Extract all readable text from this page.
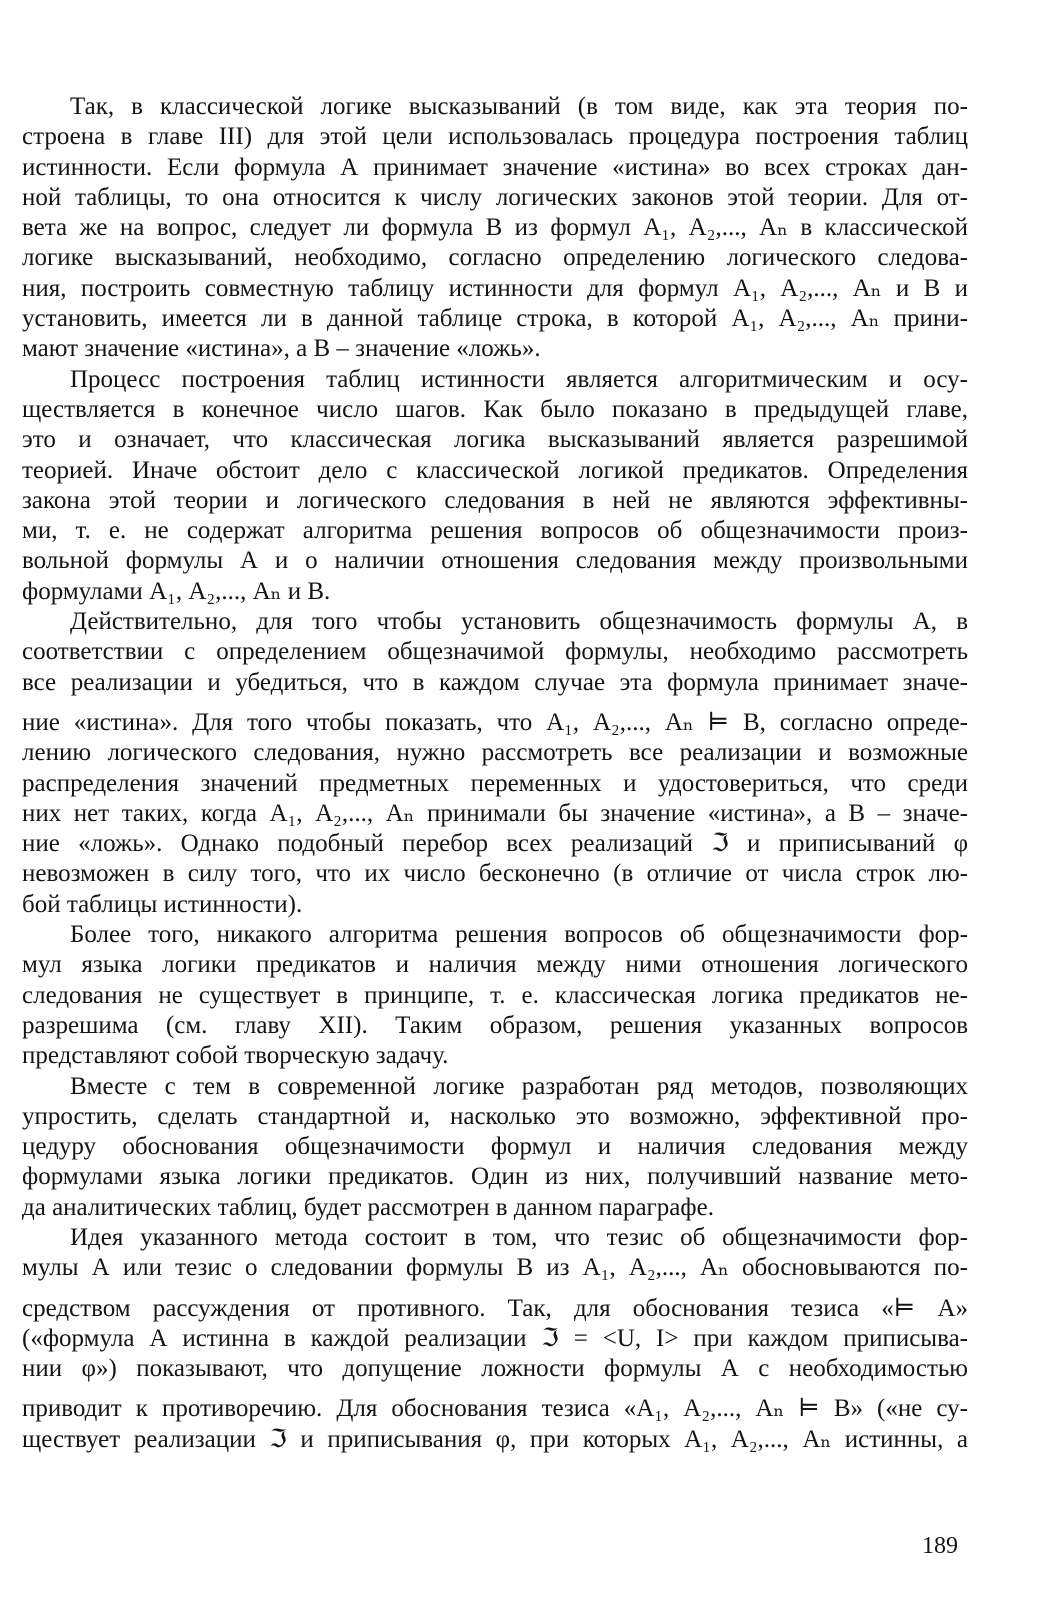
Так, в классической логике высказываний (в том виде, как эта теория по-
строена в главе III) для этой цели использовалась процедура построения таблиц
истинности. Если формула А принимает значение «истина» во всех строках дан-
ной таблицы, то она относится к числу логических законов этой теории. Для от-
вета же на вопрос, следует ли формула В из формул А₁, А₂,..., Аₙ в классической
логике высказываний, необходимо, согласно определению логического следова-
ния, построить совместную таблицу истинности для формул А₁, А₂,..., Аₙ и В и
установить, имеется ли в данной таблице строка, в которой А₁, А₂,..., Аₙ прини-
мают значение «истина», а В – значение «ложь».
Процесс построения таблиц истинности является алгоритмическим и осу-
ществляется в конечное число шагов. Как было показано в предыдущей главе,
это и означает, что классическая логика высказываний является разрешимой
теорией. Иначе обстоит дело с классической логикой предикатов. Определения
закона этой теории и логического следования в ней не являются эффективны-
ми, т. е. не содержат алгоритма решения вопросов об общезначимости произ-
вольной формулы А и о наличии отношения следования между произвольными
формулами А₁, А₂,..., Аₙ и В.
Действительно, для того чтобы установить общезначимость формулы А, в
соответствии с определением общезначимой формулы, необходимо рассмотреть
все реализации и убедиться, что в каждом случае эта формула принимает значе-
ние «истина». Для того чтобы показать, что А₁, А₂,..., Аₙ ⊨ В, согласно опреде-
лению логического следования, нужно рассмотреть все реализации и возможные
распределения значений предметных переменных и удостовериться, что среди
них нет таких, когда А₁, А₂,..., Аₙ принимали бы значение «истина», а В – значе-
ние «ложь». Однако подобный перебор всех реализаций ℑ и приписываний φ
невозможен в силу того, что их число бесконечно (в отличие от числа строк лю-
бой таблицы истинности).
Более того, никакого алгоритма решения вопросов об общезначимости фор-
мул языка логики предикатов и наличия между ними отношения логического
следования не существует в принципе, т. е. классическая логика предикатов не-
разрешима (см. главу XII). Таким образом, решения указанных вопросов
представляют собой творческую задачу.
Вместе с тем в современной логике разработан ряд методов, позволяющих
упростить, сделать стандартной и, насколько это возможно, эффективной про-
цедуру обоснования общезначимости формул и наличия следования между
формулами языка логики предикатов. Один из них, получивший название мето-
да аналитических таблиц, будет рассмотрен в данном параграфе.
Идея указанного метода состоит в том, что тезис об общезначимости фор-
мулы А или тезис о следовании формулы В из А₁, А₂,..., Аₙ обосновываются по-
средством рассуждения от противного. Так, для обоснования тезиса «⊨ А»
(«формула А истинна в каждой реализации ℑ = <U, I> при каждом приписыва-
нии φ») показывают, что допущение ложности формулы А с необходимостью
приводит к противоречию. Для обоснования тезиса «А₁, А₂,..., Аₙ ⊨ В» («не су-
ществует реализации ℑ и приписывания φ, при которых А₁, А₂,..., Аₙ истинны, а
189
